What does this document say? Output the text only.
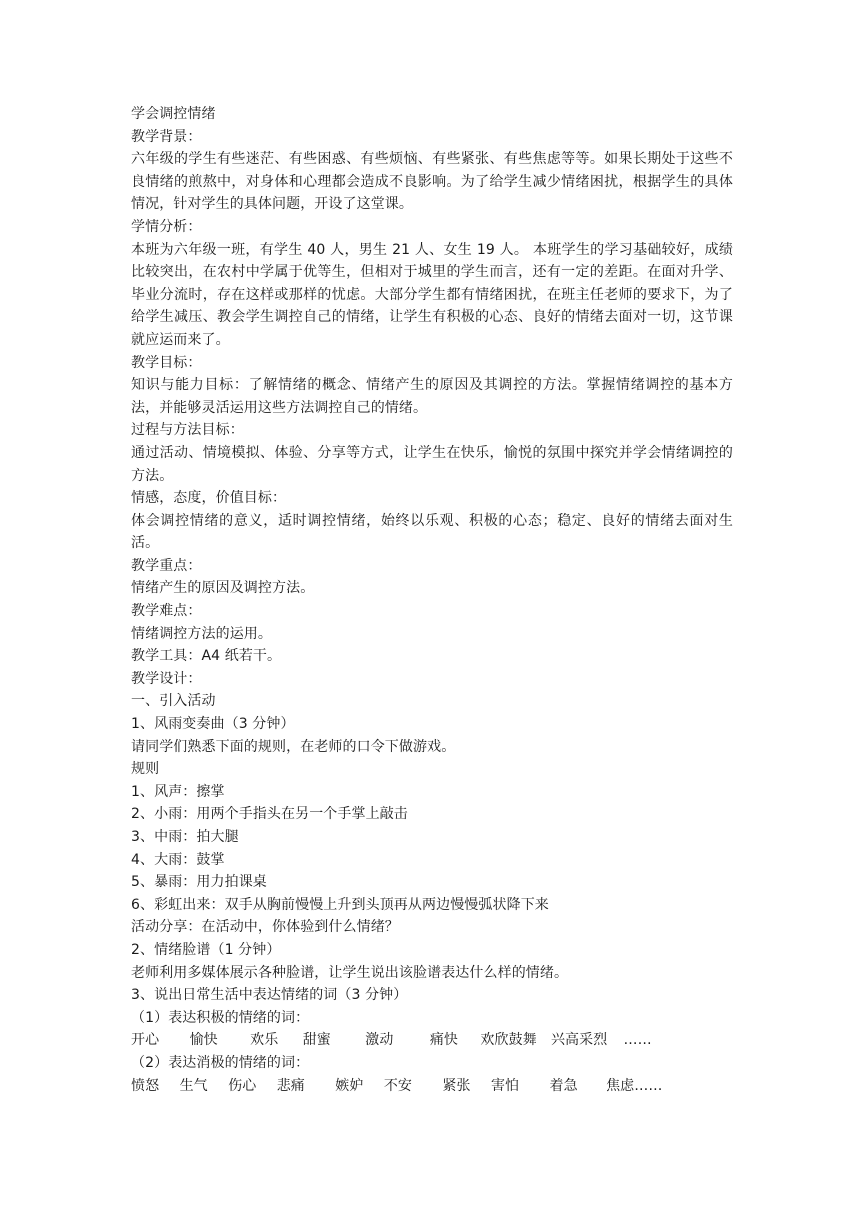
学会调控情绪
教学背景：
六年级的学生有些迷茫、有些困惑、有些烦恼、有些紧张、有些焦虑等等。如果长期处于这些不良情绪的煎熬中，对身体和心理都会造成不良影响。为了给学生减少情绪困扰，根据学生的具体情况，针对学生的具体问题，开设了这堂课。
学情分析：
本班为六年级一班，有学生 40 人，男生 21 人、女生 19 人。 本班学生的学习基础较好，成绩比较突出，在农村中学属于优等生，但相对于城里的学生而言，还有一定的差距。在面对升学、毕业分流时，存在这样或那样的忧虑。大部分学生都有情绪困扰，在班主任老师的要求下，为了给学生减压、教会学生调控自己的情绪，让学生有积极的心态、良好的情绪去面对一切，这节课就应运而来了。
教学目标：
知识与能力目标：了解情绪的概念、情绪产生的原因及其调控的方法。掌握情绪调控的基本方法，并能够灵活运用这些方法调控自己的情绪。
过程与方法目标：
通过活动、情境模拟、体验、分享等方式，让学生在快乐，愉悦的氛围中探究并学会情绪调控的方法。
情感，态度，价值目标：
体会调控情绪的意义，适时调控情绪，始终以乐观、积极的心态；稳定、良好的情绪去面对生活。
教学重点：
情绪产生的原因及调控方法。
教学难点：
情绪调控方法的运用。
教学工具：A4 纸若干。
教学设计：
一、引入活动
1、风雨变奏曲（3 分钟）
请同学们熟悉下面的规则，在老师的口令下做游戏。
规则
1、风声：擦掌
2、小雨：用两个手指头在另一个手掌上敲击
3、中雨：拍大腿
4、大雨：鼓掌
5、暴雨：用力拍课桌
6、彩虹出来：双手从胸前慢慢上升到头顶再从两边慢慢弧状降下来
活动分享：在活动中，你体验到什么情绪？
2、情绪脸谱（1 分钟）
老师利用多媒体展示各种脸谱，让学生说出该脸谱表达什么样的情绪。
3、说出日常生活中表达情绪的词（3 分钟）
（1）表达积极的情绪的词：
开心 愉快 欢乐 甜蜜 激动	痛快 欢欣鼓舞 兴高采烈 ……
（2）表达消极的情绪的词：
愤怒 生气 伤心 悲痛 嫉妒 不安 紧张 害怕 着急 焦虑……
